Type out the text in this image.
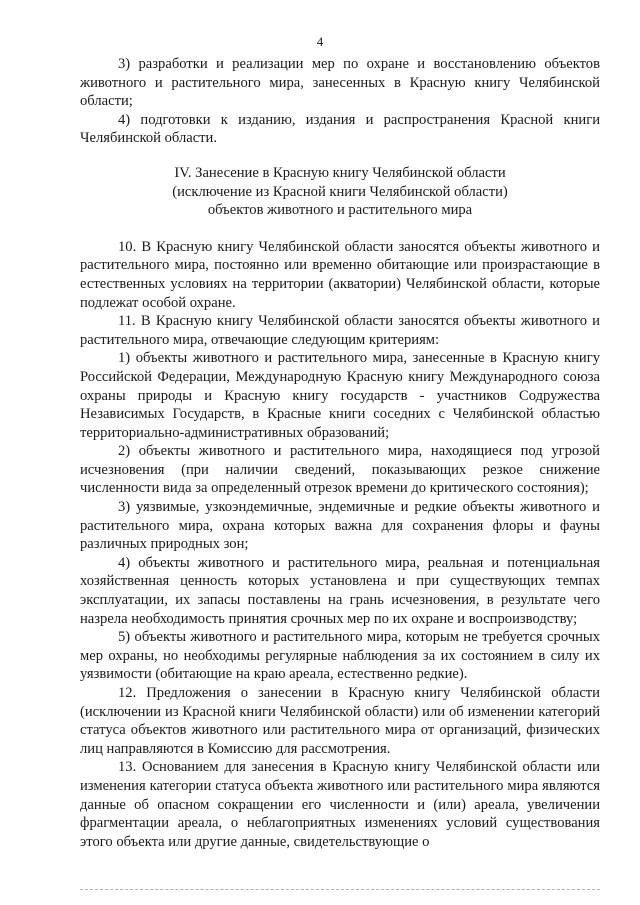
4

3) разработки и реализации мер по охране и восстановлению объектов животного и растительного мира, занесенных в Красную книгу Челябинской области;

4) подготовки к изданию, издания и распространения Красной книги Челябинской области.

IV. Занесение в Красную книгу Челябинской области
(исключение из Красной книги Челябинской области)
объектов животного и растительного мира

10. В Красную книгу Челябинской области заносятся объекты животного и растительного мира, постоянно или временно обитающие или произрастающие в естественных условиях на территории (акватории) Челябинской области, которые подлежат особой охране.

11. В Красную книгу Челябинской области заносятся объекты животного и растительного мира, отвечающие следующим критериям:

1) объекты животного и растительного мира, занесенные в Красную книгу Российской Федерации, Международную Красную книгу Международного союза охраны природы и Красную книгу государств - участников Содружества Независимых Государств, в Красные книги соседних с Челябинской областью территориально-административных образований;

2) объекты животного и растительного мира, находящиеся под угрозой исчезновения (при наличии сведений, показывающих резкое снижение численности вида за определенный отрезок времени до критического состояния);

3) уязвимые, узкоэндемичные, эндемичные и редкие объекты животного и растительного мира, охрана которых важна для сохранения флоры и фауны различных природных зон;

4) объекты животного и растительного мира, реальная и потенциальная хозяйственная ценность которых установлена и при существующих темпах эксплуатации, их запасы поставлены на грань исчезновения, в результате чего назрела необходимость принятия срочных мер по их охране и воспроизводству;

5) объекты животного и растительного мира, которым не требуется срочных мер охраны, но необходимы регулярные наблюдения за их состоянием в силу их уязвимости (обитающие на краю ареала, естественно редкие).

12. Предложения о занесении в Красную книгу Челябинской области (исключении из Красной книги Челябинской области) или об изменении категорий статуса объектов животного или растительного мира от организаций, физических лиц направляются в Комиссию для рассмотрения.

13. Основанием для занесения в Красную книгу Челябинской области или изменения категории статуса объекта животного или растительного мира являются данные об опасном сокращении его численности и (или) ареала, увеличении фрагментации ареала, о неблагоприятных изменениях условий существования этого объекта или другие данные, свидетельствующие о
